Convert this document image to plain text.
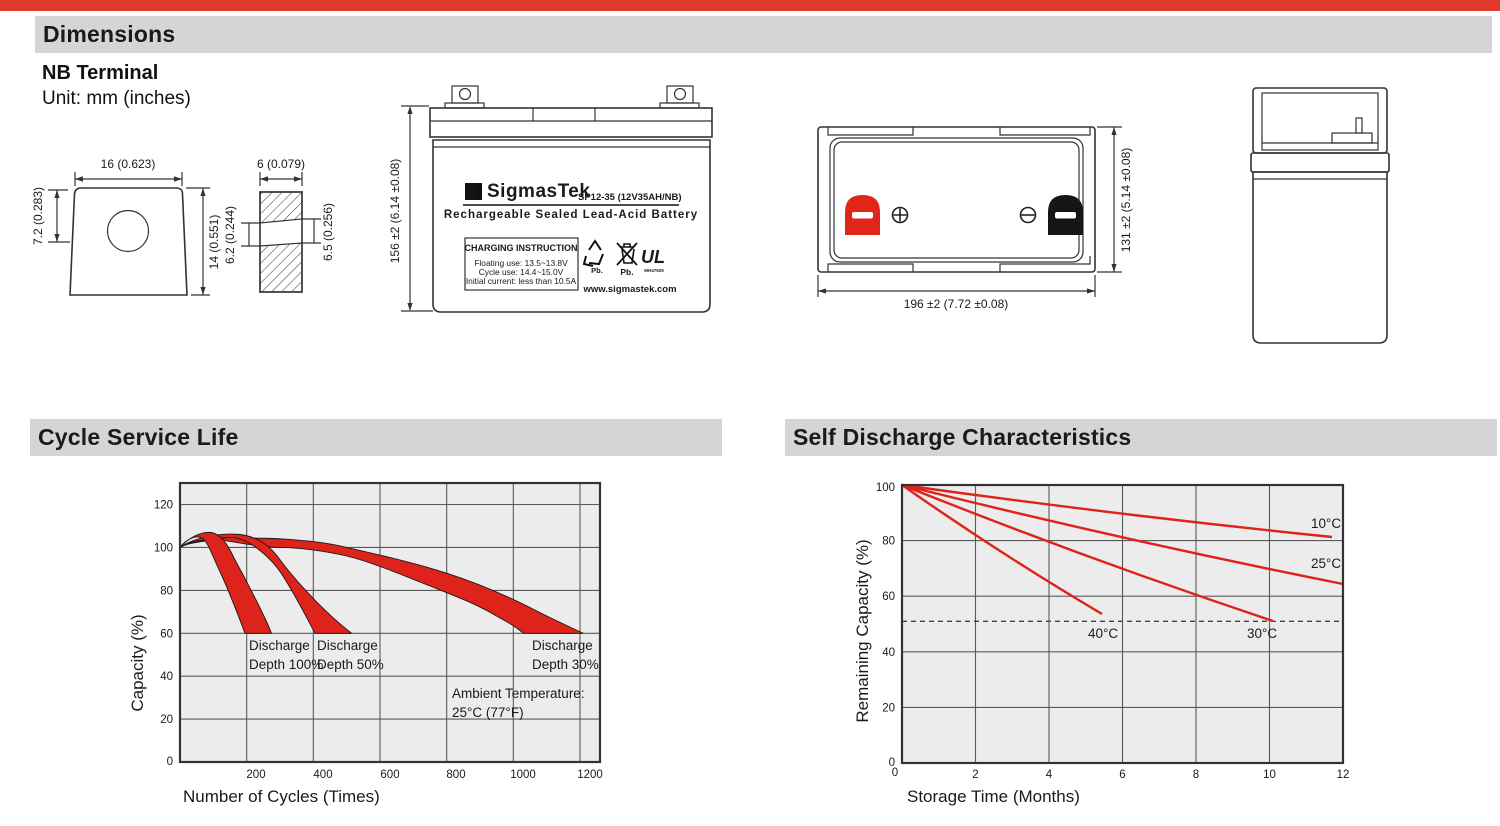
Dimensions
NB Terminal
Unit: mm (inches)
16 (0.623)
7.2 (0.283)	14 (0.551)
6 (0.079)
6.2 (0.244)	6.5 (0.256)	156 ±2 (6.14 ±0.08)	Σ SigmasTek
SP12-35 (12V35AH/NB)
Rechargeable Sealed Lead-Acid Battery
CHARGING INSTRUCTION
Floating use: 13.5~13.8V
Cycle use: 14.4~15.0V
Initial current: less than 10.5A
Pb. Pb.
UL
MH47929
www.sigmastek.com
131 ±2 (5.14 ±0.08)
196 ±2 (7.72 ±0.08)
Cycle Service Life	Self Discharge Characteristics
120
100
80
60
40
20
0
200	400	600	800	1000	1200
Discharge
Depth 100%
Discharge
Depth 50%
Discharge
Depth 30%
Ambient Temperature:
25°C (77°F)
Capacity (%)
Number of Cycles (Times)
10°C
25°C
30°C
40°C
100
80
60
40
20
0
0	2	4	6	8	10	12
Remaining Capacity (%)
Storage Time (Months)
